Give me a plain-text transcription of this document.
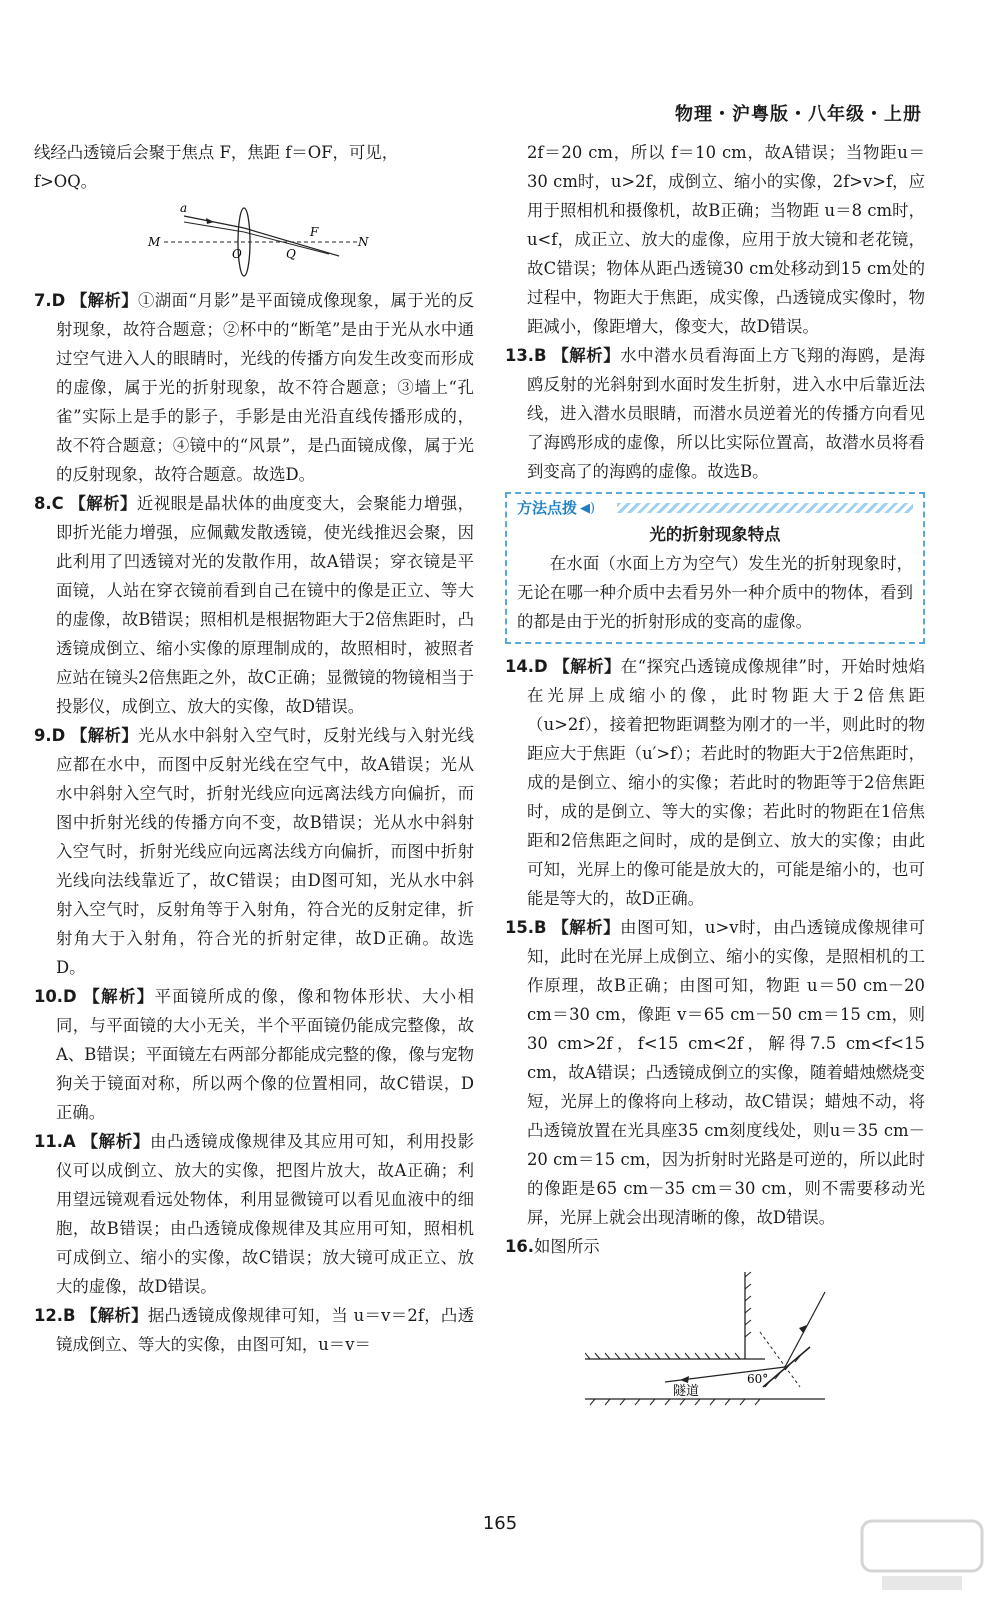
物理・沪粤版・八年级・上册

线经凸透镜后会聚于焦点 F，焦距 f＝OF，可见，

f>OQ。

a
M
O	Q
F
N

7.D 【解析】①湖面“月影”是平面镜成像现象，属于光的反射现象，故符合题意；②杯中的“断笔”是由于光从水中通过空气进入人的眼睛时，光线的传播方向发生改变而形成的虚像，属于光的折射现象，故不符合题意；③墙上“孔雀”实际上是手的影子，手影是由光沿直线传播形成的，故不符合题意；④镜中的“风景”，是凸面镜成像，属于光的反射现象，故符合题意。故选D。

8.C 【解析】近视眼是晶状体的曲度变大，会聚能力增强，即折光能力增强，应佩戴发散透镜，使光线推迟会聚，因此利用了凹透镜对光的发散作用，故A错误；穿衣镜是平面镜，人站在穿衣镜前看到自己在镜中的像是正立、等大的虚像，故B错误；照相机是根据物距大于2倍焦距时，凸透镜成倒立、缩小实像的原理制成的，故照相时，被照者应站在镜头2倍焦距之外，故C正确；显微镜的物镜相当于投影仪，成倒立、放大的实像，故D错误。

9.D 【解析】光从水中斜射入空气时，反射光线与入射光线应都在水中，而图中反射光线在空气中，故A错误；光从水中斜射入空气时，折射光线应向远离法线方向偏折，而图中折射光线的传播方向不变，故B错误；光从水中斜射入空气时，折射光线应向远离法线方向偏折，而图中折射光线向法线靠近了，故C错误；由D图可知，光从水中斜射入空气时，反射角等于入射角，符合光的反射定律，折射角大于入射角，符合光的折射定律，故D正确。故选D。

10.D 【解析】平面镜所成的像，像和物体形状、大小相同，与平面镜的大小无关，半个平面镜仍能成完整像，故A、B错误；平面镜左右两部分都能成完整的像，像与宠物狗关于镜面对称，所以两个像的位置相同，故C错误，D正确。

11.A 【解析】由凸透镜成像规律及其应用可知，利用投影仪可以成倒立、放大的实像，把图片放大，故A正确；利用望远镜观看远处物体，利用显微镜可以看见血液中的细胞，故B错误；由凸透镜成像规律及其应用可知，照相机可成倒立、缩小的实像，故C错误；放大镜可成正立、放大的虚像，故D错误。

12.B 【解析】据凸透镜成像规律可知，当 u＝v＝2f，凸透镜成倒立、等大的实像，由图可知，u＝v＝

2f＝20 cm，所以 f＝10 cm，故A错误；当物距u＝30 cm时，u>2f，成倒立、缩小的实像，2f>v>f，应用于照相机和摄像机，故B正确；当物距 u＝8 cm时，u<f，成正立、放大的虚像，应用于放大镜和老花镜，故C错误；物体从距凸透镜30 cm处移动到15 cm处的过程中，物距大于焦距，成实像，凸透镜成实像时，物距减小，像距增大，像变大，故D错误。

13.B 【解析】水中潜水员看海面上方飞翔的海鸥，是海鸥反射的光斜射到水面时发生折射，进入水中后靠近法线，进入潜水员眼睛，而潜水员逆着光的传播方向看见了海鸥形成的虚像，所以比实际位置高，故潜水员将看到变高了的海鸥的虚像。故选B。

方法点拨 ◀)

光的折射现象特点

在水面（水面上方为空气）发生光的折射现象时，无论在哪一种介质中去看另外一种介质中的物体，看到的都是由于光的折射形成的变高的虚像。

14.D 【解析】在“探究凸透镜成像规律”时，开始时烛焰在光屏上成缩小的像，此时物距大于2倍焦距（u>2f），接着把物距调整为刚才的一半，则此时的物距应大于焦距（u′>f）；若此时的物距大于2倍焦距时，成的是倒立、缩小的实像；若此时的物距等于2倍焦距时，成的是倒立、等大的实像；若此时的物距在1倍焦距和2倍焦距之间时，成的是倒立、放大的实像；由此可知，光屏上的像可能是放大的，可能是缩小的，也可能是等大的，故D正确。

15.B 【解析】由图可知，u>v时，由凸透镜成像规律可知，此时在光屏上成倒立、缩小的实像，是照相机的工作原理，故B正确；由图可知，物距 u＝50 cm－20 cm＝30 cm，像距 v＝65 cm－50 cm＝15 cm，则30 cm>2f，f<15 cm<2f，解得7.5 cm<f<15 cm，故A错误；凸透镜成倒立的实像，随着蜡烛燃烧变短，光屏上的像将向上移动，故C错误；蜡烛不动，将凸透镜放置在光具座35 cm刻度线处，则u＝35 cm－20 cm＝15 cm，因为折射时光路是可逆的，所以此时的像距是65 cm－35 cm＝30 cm，则不需要移动光屏，光屏上就会出现清晰的像，故D错误。

16.如图所示

60°
隧道
165
